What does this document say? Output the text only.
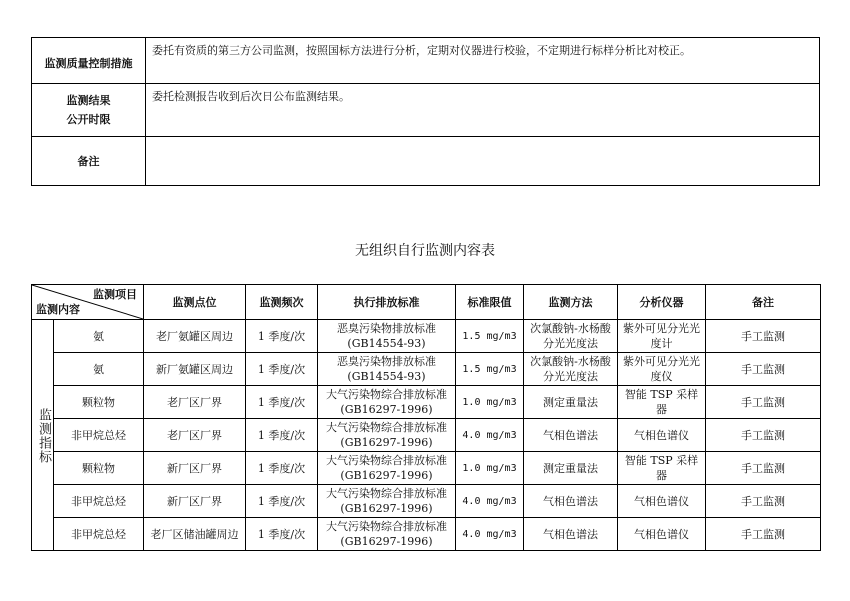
监测质量控制措施	委托有资质的第三方公司监测，按照国标方法进行分析，定期对仪器进行校验，不定期进行标样分析比对校正。

监测结果
公开时限	委托检测报告收到后次日公布监测结果。
备注	
无组织自行监测内容表
监测项目
监测内容		监测点位	监测频次	执行排放标准	标准限值	监测方法	分析仪器	备注
监测指标	氨	老厂氨罐区周边	1 季度/次	恶臭污染物排放标准(GB14554-93)	1.5 mg/m3	次氯酸钠-水杨酸分光光度法	紫外可见分光光度计	手工监测
	氨	新厂氨罐区周边	1 季度/次	恶臭污染物排放标准(GB14554-93)	1.5 mg/m3	次氯酸钠-水杨酸分光光度法	紫外可见分光光度仪	手工监测
	颗粒物	老厂区厂界	1 季度/次	大气污染物综合排放标准(GB16297-1996)	1.0 mg/m3	测定重量法	智能 TSP 采样器	手工监测
	非甲烷总烃	老厂区厂界	1 季度/次	大气污染物综合排放标准(GB16297-1996)	4.0 mg/m3	气相色谱法	气相色谱仪	手工监测
	颗粒物	新厂区厂界	1 季度/次	大气污染物综合排放标准(GB16297-1996)	1.0 mg/m3	测定重量法	智能 TSP 采样器	手工监测
	非甲烷总烃	新厂区厂界	1 季度/次	大气污染物综合排放标准(GB16297-1996)	4.0 mg/m3	气相色谱法	气相色谱仪	手工监测
	非甲烷总烃	老厂区储油罐周边	1 季度/次	大气污染物综合排放标准(GB16297-1996)	4.0 mg/m3	气相色谱法	气相色谱仪	手工监测
